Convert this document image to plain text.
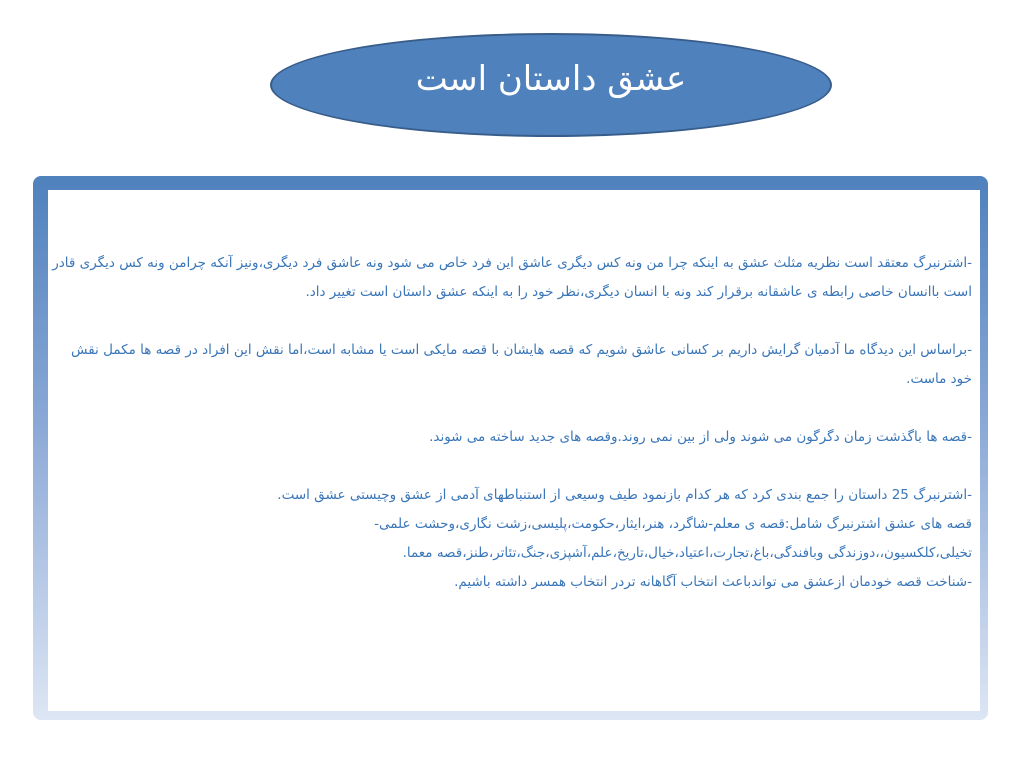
عشق داستان است

-اشترنبرگ معتقد است نظریه مثلث عشق به اینکه چرا من ونه کس دیگری عاشق این فرد خاص می شود ونه عاشق فرد دیگری،ونیز آنکه چرامن ونه کس دیگری قادر است باانسان خاصی رابطه ی عاشقانه برقرار کند ونه با انسان دیگری،نظر خود را به اینکه عشق داستان است تغییر داد.

-براساس این دیدگاه ما آدمیان گرایش داریم بر کسانی عاشق شویم که قصه هایشان با قصه مایکی است یا مشابه است،اما نقش این افراد در قصه ها مکمل نقش خود ماست.

-قصه ها باگذشت زمان دگرگون می شوند ولی از بین نمی روند.وقصه های جدید ساخته می شوند.

-اشترنبرگ 25 داستان را جمع بندی کرد که هر کدام بازنمود طیف وسیعی از استنباطهای آدمی از عشق وچیستی عشق است.

قصه های عشق اشترنبرگ شامل:قصه ی معلم-شاگرد، هنر،ایثار،حکومت،پلیسی،زشت نگاری،وحشت علمی-

تخیلی،کلکسیون،،دوزندگی وبافندگی،باغ،تجارت،اعتیاد،خیال،تاریخ،علم،آشپزی،جنگ،تئاتر،طنز،قصه معما.

-شناخت قصه خودمان ازعشق می تواندباعث انتخاب آگاهانه تردر انتخاب همسر داشته باشیم.
